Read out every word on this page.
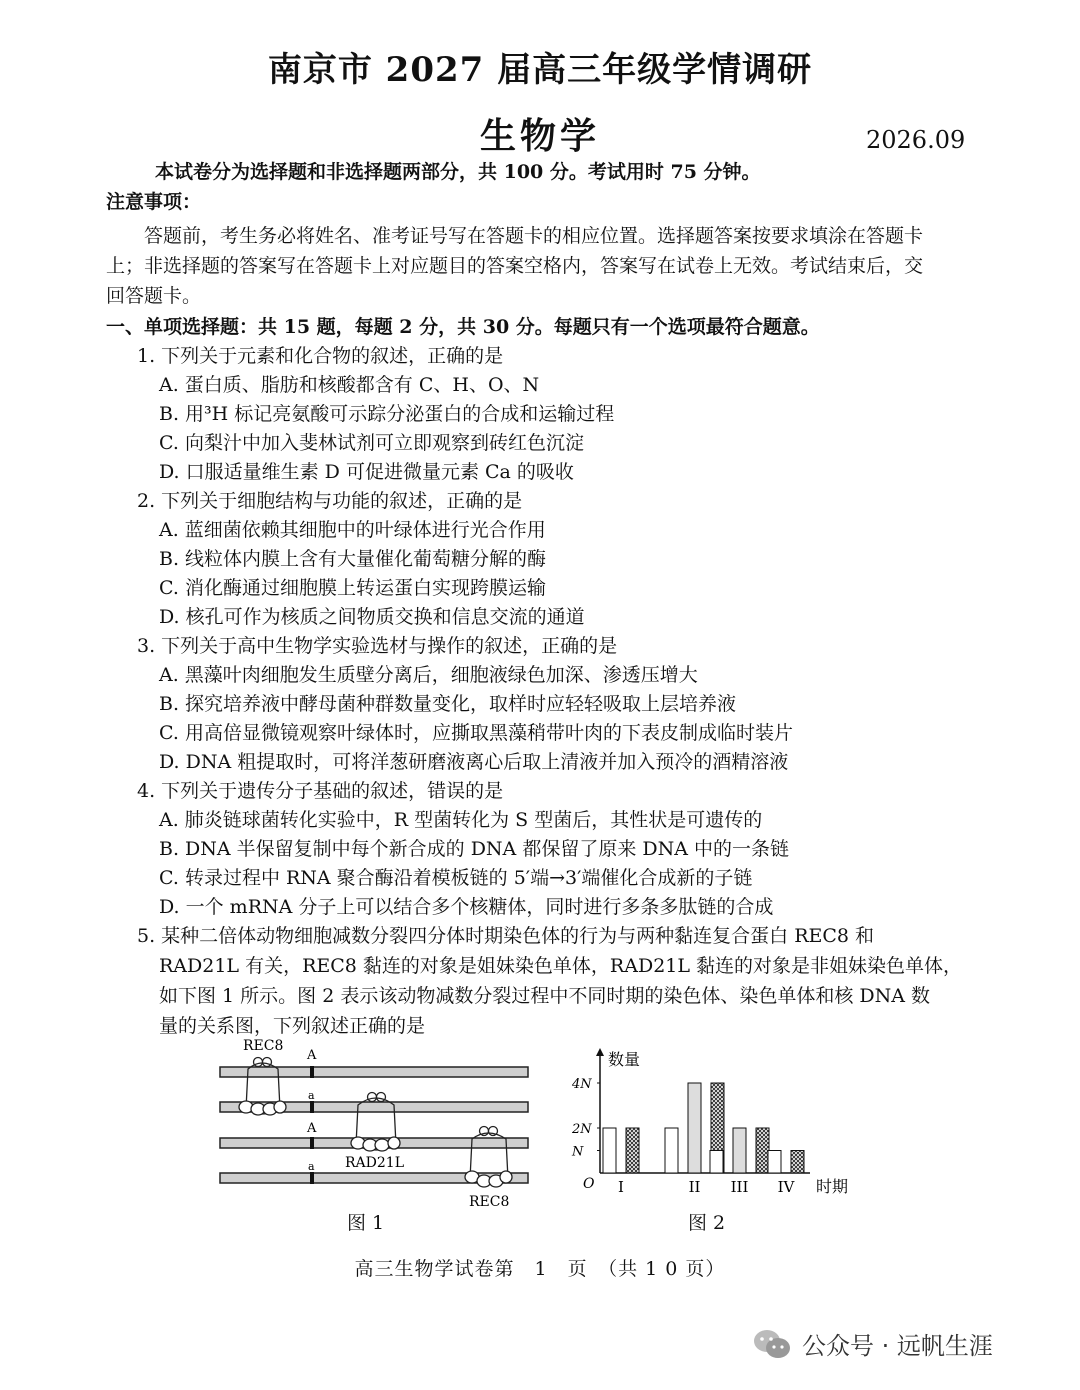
南京市 2027 届高三年级学情调研
生物学	2026.09
本试卷分为选择题和非选择题两部分，共 100 分。考试用时 75 分钟。
注意事项：
答题前，考生务必将姓名、准考证号写在答题卡的相应位置。选择题答案按要求填涂在答题卡
上；非选择题的答案写在答题卡上对应题目的答案空格内，答案写在试卷上无效。考试结束后，交
回答题卡。
一、单项选择题：共 15 题，每题 2 分，共 30 分。每题只有一个选项最符合题意。
1. 下列关于元素和化合物的叙述，正确的是
A. 蛋白质、脂肪和核酸都含有 C、H、O、N
B. 用³H 标记亮氨酸可示踪分泌蛋白的合成和运输过程
C. 向梨汁中加入斐林试剂可立即观察到砖红色沉淀
D. 口服适量维生素 D 可促进微量元素 Ca 的吸收
2. 下列关于细胞结构与功能的叙述，正确的是
A. 蓝细菌依赖其细胞中的叶绿体进行光合作用
B. 线粒体内膜上含有大量催化葡萄糖分解的酶
C. 消化酶通过细胞膜上转运蛋白实现跨膜运输
D. 核孔可作为核质之间物质交换和信息交流的通道
3. 下列关于高中生物学实验选材与操作的叙述，正确的是
A. 黑藻叶肉细胞发生质壁分离后，细胞液绿色加深、渗透压增大
B. 探究培养液中酵母菌种群数量变化，取样时应轻轻吸取上层培养液
C. 用高倍显微镜观察叶绿体时，应撕取黑藻稍带叶肉的下表皮制成临时装片
D. DNA 粗提取时，可将洋葱研磨液离心后取上清液并加入预冷的酒精溶液
4. 下列关于遗传分子基础的叙述，错误的是
A. 肺炎链球菌转化实验中，R 型菌转化为 S 型菌后，其性状是可遗传的
B. DNA 半保留复制中每个新合成的 DNA 都保留了原来 DNA 中的一条链
C. 转录过程中 RNA 聚合酶沿着模板链的 5′端→3′端催化合成新的子链
D. 一个 mRNA 分子上可以结合多个核糖体，同时进行多条多肽链的合成
5. 某种二倍体动物细胞减数分裂四分体时期染色体的行为与两种黏连复合蛋白 REC8 和
RAD21L 有关，REC8 黏连的对象是姐妹染色单体，RAD21L 黏连的对象是非姐妹染色单体，
如下图 1 所示。图 2 表示该动物减数分裂过程中不同时期的染色体、染色单体和核 DNA 数
量的关系图，下列叙述正确的是
A
a
A
a
REC8
RAD21L
REC8
图 1
数量
时期
O
4N
2N
N
I	II III IV
图 2
高三生物学试卷第　1　页　（共 1 0 页）
公众号 · 远帆生涯
